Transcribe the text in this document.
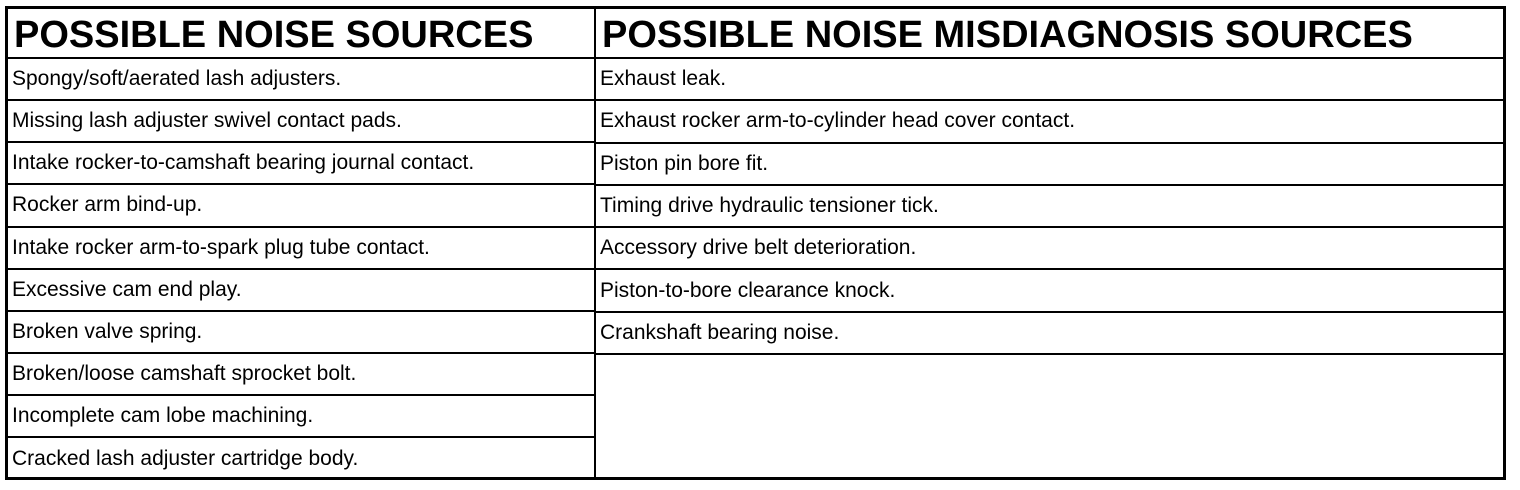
POSSIBLE NOISE SOURCES
Spongy/soft/aerated lash adjusters.
Missing lash adjuster swivel contact pads.
Intake rocker-to-camshaft bearing journal contact.
Rocker arm bind-up.
Intake rocker arm-to-spark plug tube contact.
Excessive cam end play.
Broken valve spring.
Broken/loose camshaft sprocket bolt.
Incomplete cam lobe machining.
Cracked lash adjuster cartridge body.
POSSIBLE NOISE MISDIAGNOSIS SOURCES
Exhaust leak.
Exhaust rocker arm-to-cylinder head cover contact.
Piston pin bore fit.
Timing drive hydraulic tensioner tick.
Accessory drive belt deterioration.
Piston-to-bore clearance knock.
Crankshaft bearing noise.
